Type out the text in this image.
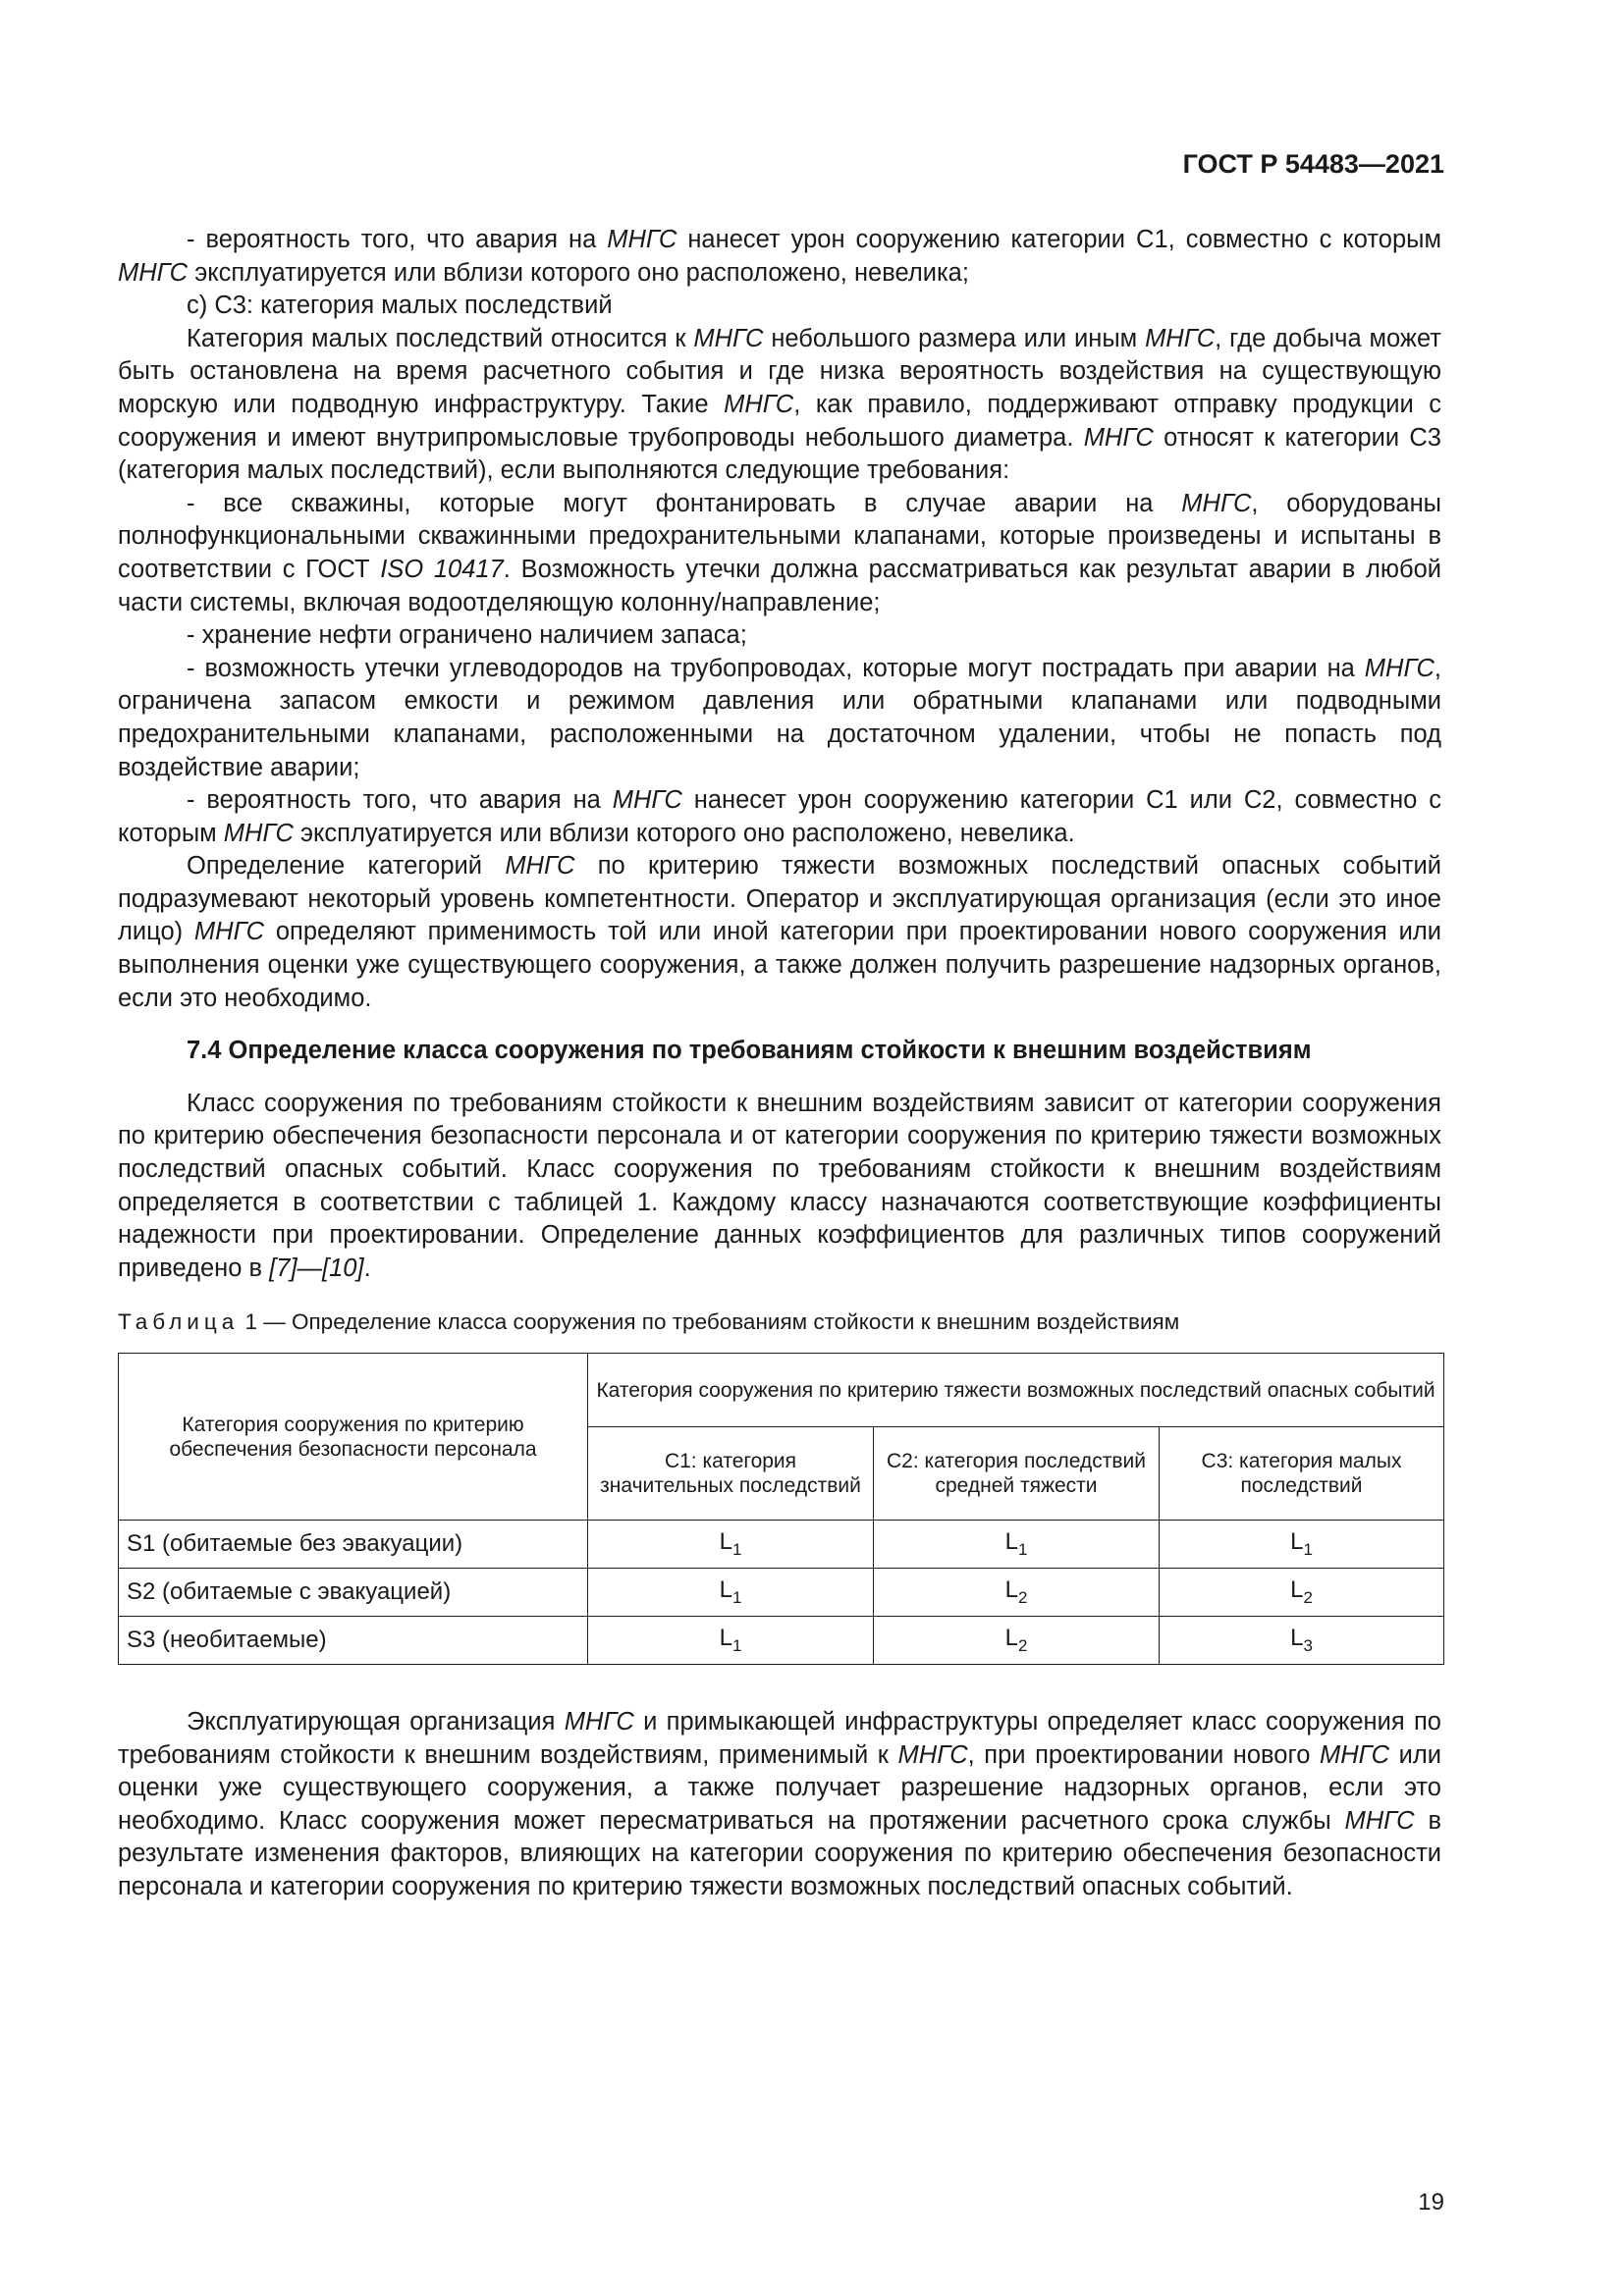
ГОСТ Р 54483—2021

- вероятность того, что авария на МНГС нанесет урон сооружению категории С1, совместно с которым МНГС эксплуатируется или вблизи которого оно расположено, невелика;

с) С3: категория малых последствий

Категория малых последствий относится к МНГС небольшого размера или иным МНГС, где добыча может быть остановлена на время расчетного события и где низка вероятность воздействия на существующую морскую или подводную инфраструктуру. Такие МНГС, как правило, поддерживают отправку продукции с сооружения и имеют внутрипромысловые трубопроводы небольшого диаметра. МНГС относят к категории С3 (категория малых последствий), если выполняются следующие требования:

- все скважины, которые могут фонтанировать в случае аварии на МНГС, оборудованы полнофункциональными скважинными предохранительными клапанами, которые произведены и испытаны в соответствии с ГОСТ ISO 10417. Возможность утечки должна рассматриваться как результат аварии в любой части системы, включая водоотделяющую колонну/направление;

- хранение нефти ограничено наличием запаса;

- возможность утечки углеводородов на трубопроводах, которые могут пострадать при аварии на МНГС, ограничена запасом емкости и режимом давления или обратными клапанами или подводными предохранительными клапанами, расположенными на достаточном удалении, чтобы не попасть под воздействие аварии;

- вероятность того, что авария на МНГС нанесет урон сооружению категории С1 или С2, совместно с которым МНГС эксплуатируется или вблизи которого оно расположено, невелика.

Определение категорий МНГС по критерию тяжести возможных последствий опасных событий подразумевают некоторый уровень компетентности. Оператор и эксплуатирующая организация (если это иное лицо) МНГС определяют применимость той или иной категории при проектировании нового сооружения или выполнения оценки уже существующего сооружения, а также должен получить разрешение надзорных органов, если это необходимо.

7.4 Определение класса сооружения по требованиям стойкости к внешним воздействиям

Класс сооружения по требованиям стойкости к внешним воздействиям зависит от категории сооружения по критерию обеспечения безопасности персонала и от категории сооружения по критерию тяжести возможных последствий опасных событий. Класс сооружения по требованиям стойкости к внешним воздействиям определяется в соответствии с таблицей 1. Каждому классу назначаются соответствующие коэффициенты надежности при проектировании. Определение данных коэффициентов для различных типов сооружений приведено в [7]—[10].

Таблица 1 — Определение класса сооружения по требованиям стойкости к внешним воздействиям
Категория сооружения по критерию обеспечения безопасности персонала	Категория сооружения по критерию тяжести возможных последствий опасных событий		
	С1: категория значительных последствий	С2: категория последствий средней тяжести	С3: категория малых последствий
S1 (обитаемые без эвакуации)	$L_1$	$L_1$	$L_1$
S2 (обитаемые с эвакуацией)	$L_1$	$L_2$	$L_2$
S3 (необитаемые)	$L_1$	$L_2$	$L_3$

Эксплуатирующая организация МНГС и примыкающей инфраструктуры определяет класс сооружения по требованиям стойкости к внешним воздействиям, применимый к МНГС, при проектировании нового МНГС или оценки уже существующего сооружения, а также получает разрешение надзорных органов, если это необходимо. Класс сооружения может пересматриваться на протяжении расчетного срока службы МНГС в результате изменения факторов, влияющих на категории сооружения по критерию обеспечения безопасности персонала и категории сооружения по критерию тяжести возможных последствий опасных событий.

19
